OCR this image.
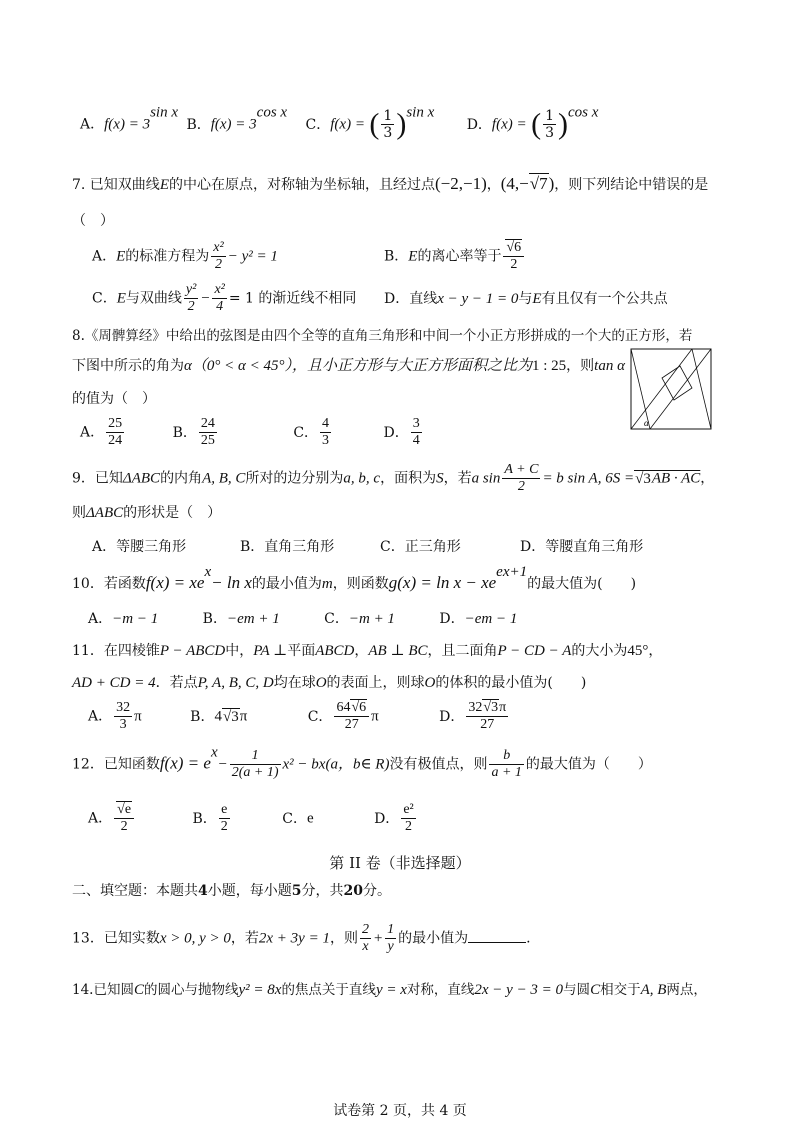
A．$f(x) = 3^{sin x}$ B．$f(x) = 3^{cos x}$ C．f(x) = ( $\frac{1}{3} )^{sin x}$ D．f(x) = ( $\frac{1}{3} )^{cos x}$
7. 已知双曲线E的中心在原点，对称轴为坐标轴，且经过点(−2,−1)，(4,−√7)，则下列结论中错误的是
（　）
A．E的标准方程为 $\frac{\text{x²}}{2} - y^2 = 1$	B．E的离心率等于 $\frac{√6}{2}$
C．E与双曲线 $\frac{\text{y²}}{2} - \frac{\text{x²}}{4} = 1$ 的渐近线不相同 D．直线x − y − 1 = 0与E有且仅有一个公共点
8.《周髀算经》中给出的弦图是由四个全等的直角三角形和中间一个小正方形拼成的一个大的正方形，若
下图中所示的角为α（0° < α < 45°），且小正方形与大正方形面积之比为1 : 25，则tan α
的值为（　）
α
A． $\frac{25}{24}$	B． $\frac{24}{25}$	C． $\frac{4}{3}$	D． $\frac{3}{4}$
9．已知ΔABC的内角A, B, C所对的边分别为a, b, c，面积为S，若a $\sin \frac{A + C}{2} = b$ sin A, 6S =√3AB · AC，
则ΔABC的形状是（　）
A．等腰三角形	B．直角三角形	C．正三角形	D．等腰直角三角形
10．若函数$f(x) = xe^x- \ln x$的最小值为m，则函数$g(x) = \ln x - xe^{ex+1}$的最大值为(　　)
A．−m − 1	B．−em + 1	C．−m + 1	D．−em − 1
11．在四棱锥P − ABCD中，PA ⊥平面ABCD，AB ⊥ BC，且二面角P − CD − A的大小为45°，
AD + CD = 4．若点P, A, B, C, D均在球O的表面上，则球O的体积的最小值为(　　)
A． $\frac{32}{3}$ π	B．4√3π	C． $\frac{64√6}{27}$ π	D． $\frac{32√3\pi}{27}$
12．已知函数$f(x) = e^x- \frac{1}{2(a + 1)} x^2 - bx(a$，b∈ R)没有极值点，则 $\frac{b}{a + 1}$ 的最大值为（　　）
A． $\frac{√e}{2}$	B． $\frac{e}{2}$	C．e	D． $\frac{\text{e²}}{2}$
第 II 卷（非选择题）
二、填空题：本题共4小题，每小题5分，共20分。
13．已知实数x > 0, y > 0，若2x + 3y = 1，则 $\frac{2}{x} + \frac{1}{y}$ 的最小值为	.
14.已知圆C的圆心与抛物线y² = 8x的焦点关于直线y = x对称，直线2x − y − 3 = 0与圆C相交于A, B两点，
试卷第 2 页，共 4 页
